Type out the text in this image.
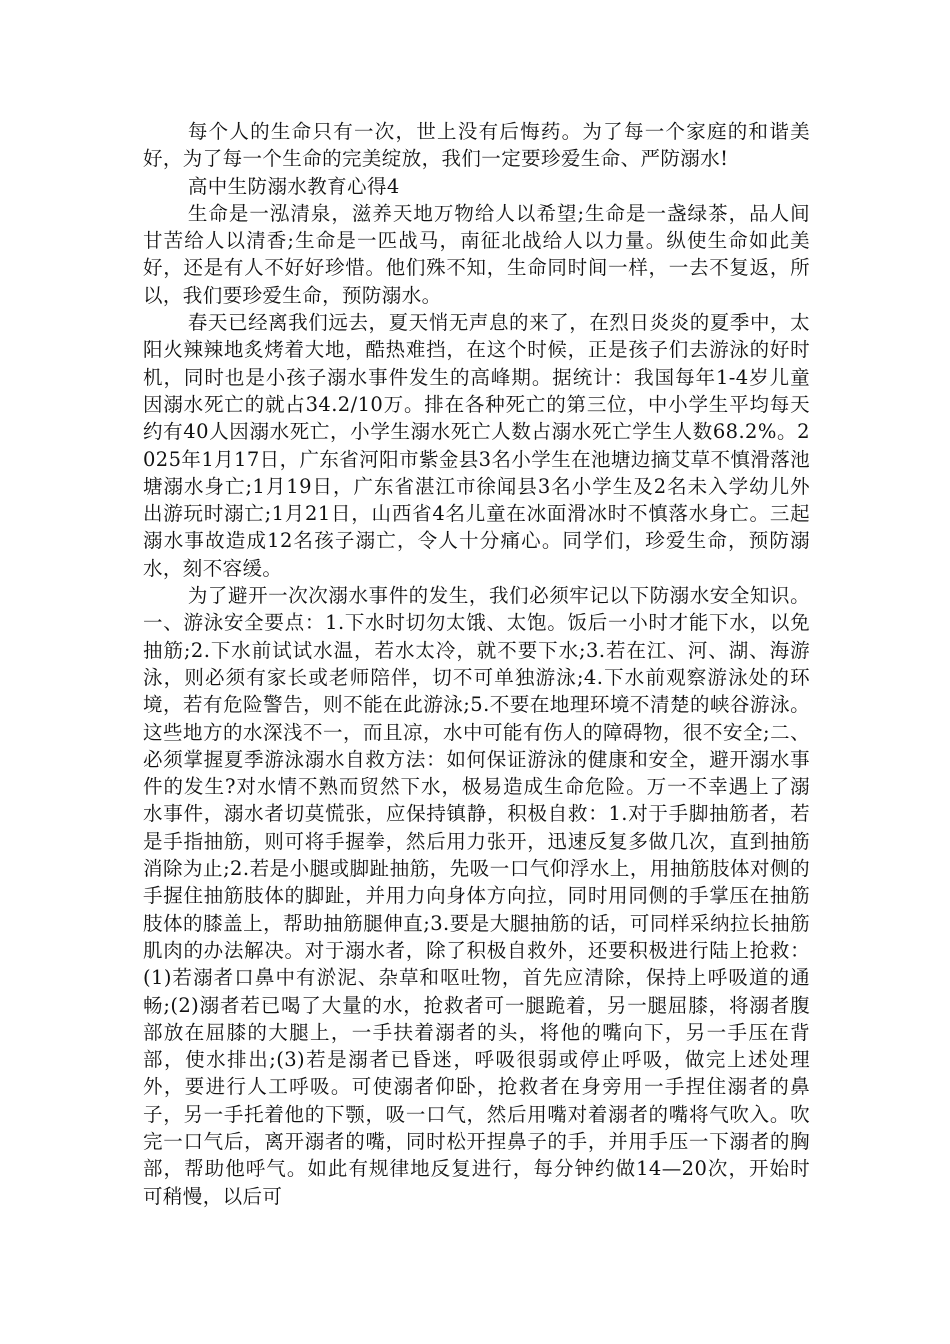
每个人的生命只有一次，世上没有后悔药。为了每一个家庭的和谐美好，为了每一个生命的完美绽放，我们一定要珍爱生命、严防溺水!

高中生防溺水教育心得4

生命是一泓清泉，滋养天地万物给人以希望;生命是一盏绿茶，品人间甘苦给人以清香;生命是一匹战马，南征北战给人以力量。纵使生命如此美好，还是有人不好好珍惜。他们殊不知，生命同时间一样，一去不复返，所以，我们要珍爱生命，预防溺水。

春天已经离我们远去，夏天悄无声息的来了，在烈日炎炎的夏季中，太阳火辣辣地炙烤着大地，酷热难挡，在这个时候，正是孩子们去游泳的好时机，同时也是小孩子溺水事件发生的高峰期。据统计：我国每年1-4岁儿童因溺水死亡的就占34.2/10万。排在各种死亡的第三位，中小学生平均每天约有40人因溺水死亡，小学生溺水死亡人数占溺水死亡学生人数68.2%。2025年1月17日，广东省河阳市紫金县3名小学生在池塘边摘艾草不慎滑落池塘溺水身亡;1月19日，广东省湛江市徐闻县3名小学生及2名未入学幼儿外出游玩时溺亡;1月21日，山西省4名儿童在冰面滑冰时不慎落水身亡。三起溺水事故造成12名孩子溺亡，令人十分痛心。同学们，珍爱生命，预防溺水，刻不容缓。

为了避开一次次溺水事件的发生，我们必须牢记以下防溺水安全知识。一、游泳安全要点：1.下水时切勿太饿、太饱。饭后一小时才能下水，以免抽筋;2.下水前试试水温，若水太冷，就不要下水;3.若在江、河、湖、海游泳，则必须有家长或老师陪伴，切不可单独游泳;4.下水前观察游泳处的环境，若有危险警告，则不能在此游泳;5.不要在地理环境不清楚的峡谷游泳。这些地方的水深浅不一，而且凉，水中可能有伤人的障碍物，很不安全;二、必须掌握夏季游泳溺水自救方法：如何保证游泳的健康和安全，避开溺水事件的发生?对水情不熟而贸然下水，极易造成生命危险。万一不幸遇上了溺水事件，溺水者切莫慌张，应保持镇静，积极自救：1.对于手脚抽筋者，若是手指抽筋，则可将手握拳，然后用力张开，迅速反复多做几次，直到抽筋消除为止;2.若是小腿或脚趾抽筋，先吸一口气仰浮水上，用抽筋肢体对侧的手握住抽筋肢体的脚趾，并用力向身体方向拉，同时用同侧的手掌压在抽筋肢体的膝盖上，帮助抽筋腿伸直;3.要是大腿抽筋的话，可同样采纳拉长抽筋肌肉的办法解决。对于溺水者，除了积极自救外，还要积极进行陆上抢救：(1)若溺者口鼻中有淤泥、杂草和呕吐物，首先应清除，保持上呼吸道的通畅;(2)溺者若已喝了大量的水，抢救者可一腿跪着，另一腿屈膝，将溺者腹部放在屈膝的大腿上，一手扶着溺者的头，将他的嘴向下，另一手压在背部，使水排出;(3)若是溺者已昏迷，呼吸很弱或停止呼吸，做完上述处理外，要进行人工呼吸。可使溺者仰卧，抢救者在身旁用一手捏住溺者的鼻子，另一手托着他的下颚，吸一口气，然后用嘴对着溺者的嘴将气吹入。吹完一口气后，离开溺者的嘴，同时松开捏鼻子的手，并用手压一下溺者的胸部，帮助他呼气。如此有规律地反复进行，每分钟约做14—20次，开始时可稍慢，以后可
